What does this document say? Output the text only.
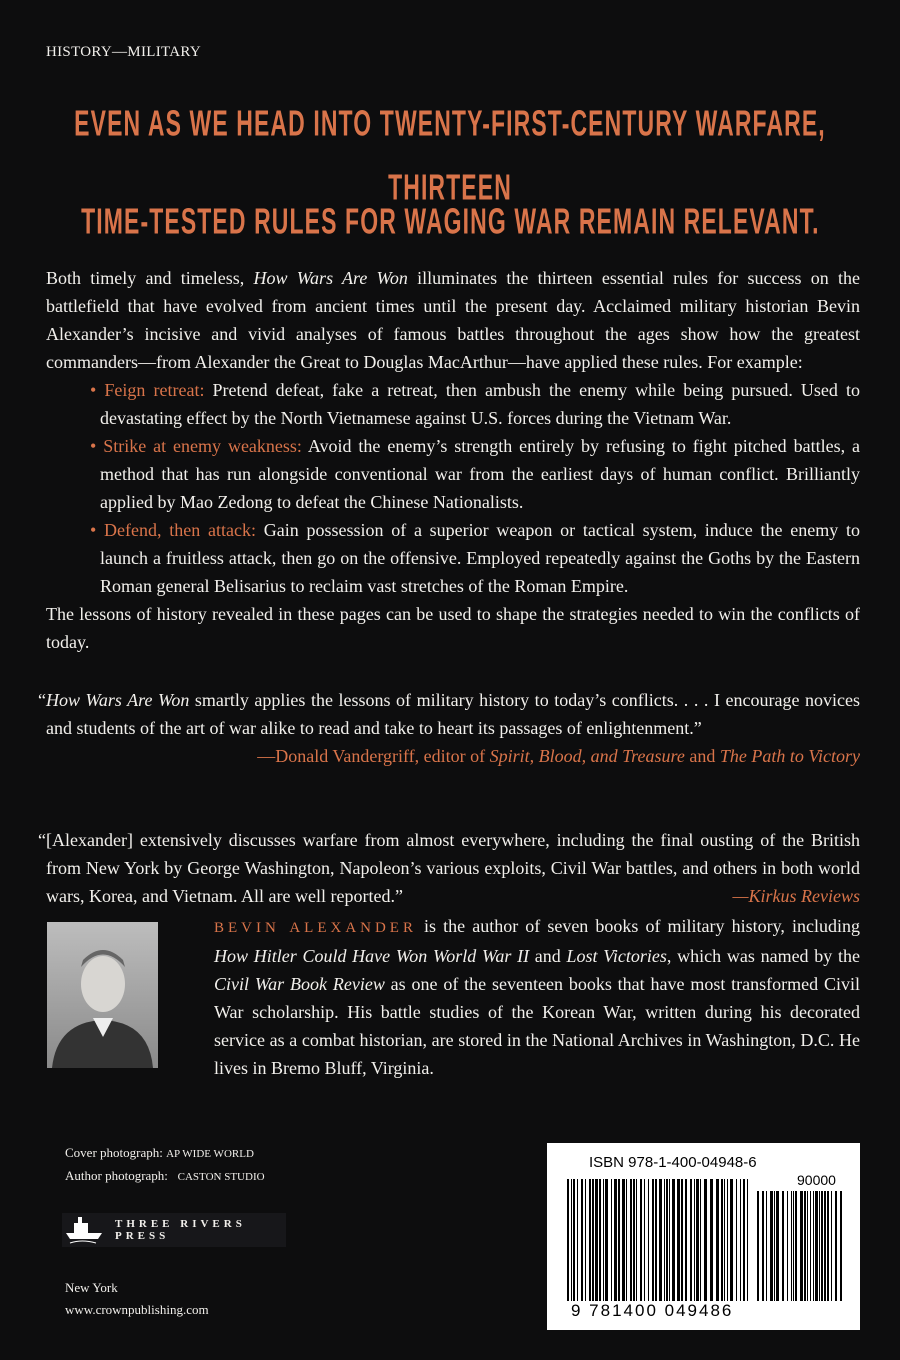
HISTORY—MILITARY
EVEN AS WE HEAD INTO TWENTY-FIRST-CENTURY WARFARE, THIRTEEN
TIME-TESTED RULES FOR WAGING WAR REMAIN RELEVANT.

Both timely and timeless, How Wars Are Won illuminates the thirteen essential rules for success on the battlefield that have evolved from ancient times until the present day. Acclaimed military historian Bevin Alexander’s incisive and vivid analyses of famous battles throughout the ages show how the greatest commanders—from Alexander the Great to Douglas MacArthur—have applied these rules. For example:

• Feign retreat: Pretend defeat, fake a retreat, then ambush the enemy while being pursued. Used to devastating effect by the North Vietnamese against U.S. forces during the Vietnam War.

• Strike at enemy weakness: Avoid the enemy’s strength entirely by refusing to fight pitched battles, a method that has run alongside conventional war from the earliest days of human conflict. Brilliantly applied by Mao Zedong to defeat the Chinese Nationalists.

• Defend, then attack: Gain possession of a superior weapon or tactical system, induce the enemy to launch a fruitless attack, then go on the offensive. Employed repeatedly against the Goths by the Eastern Roman general Belisarius to reclaim vast stretches of the Roman Empire.

The lessons of history revealed in these pages can be used to shape the strategies needed to win the conflicts of today.

“How Wars Are Won smartly applies the lessons of military history to today’s conflicts. . . . I encourage novices and students of the art of war alike to read and take to heart its passages of enlightenment.”

—Donald Vandergriff, editor of Spirit, Blood, and Treasure and The Path to Victory

“[Alexander] extensively discusses warfare from almost everywhere, including the final ousting of the British from New York by George Washington, Napoleon’s various exploits, Civil War battles, and others in both world wars, Korea, and Vietnam. All are well reported.”	—Kirkus Reviews
BEVIN ALEXANDER is the author of seven books of military history, including How Hitler Could Have Won World War II and Lost Victories, which was named by the Civil War Book Review as one of the seventeen books that have most transformed Civil War scholarship. His battle studies of the Korean War, written during his decorated service as a combat historian, are stored in the National Archives in Washington, D.C. He lives in Bremo Bluff, Virginia.
Cover photograph: AP WIDE WORLD
Author photograph: CASTON STUDIO
THREE RIVERS PRESS
New York
www.crownpublishing.com
ISBN 978-1-400-04948-6
90000
9 781400 049486
